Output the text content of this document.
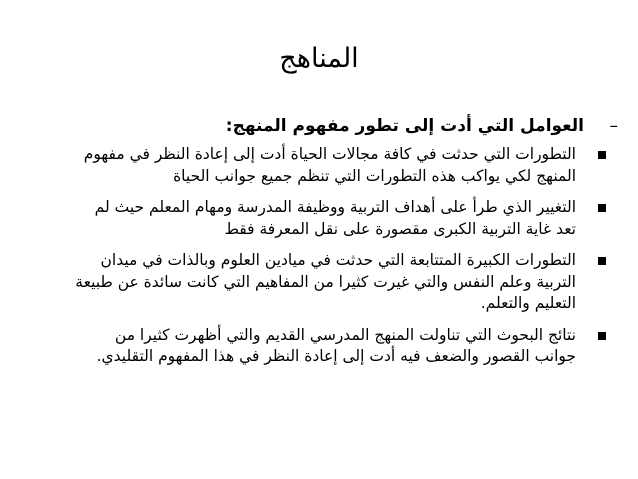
المناهج
–
العوامل التي أدت إلى تطور مفهوم المنهج:
التطورات التي حدثت في كافة مجالات الحياة أدت إلى إعادة النظر في مفهوم
المنهج لكي يواكب هذه التطورات التي تنظم جميع جوانب الحياة
التغيير الذي طرأ على أهداف التربية ووظيفة المدرسة ومهام المعلم حيث لم
تعد غاية التربية الكبرى مقصورة على نقل المعرفة فقط
التطورات الكبيرة المتتابعة التي حدثت في ميادين العلوم وبالذات في ميدان
التربية وعلم النفس والتي غيرت كثيرا من المفاهيم التي كانت سائدة عن طبيعة
التعليم والتعلم.
نتائج البحوث التي تناولت المنهج المدرسي القديم والتي أظهرت كثيرا من
جوانب القصور والضعف فيه أدت إلى إعادة النظر في هذا المفهوم التقليدي.
